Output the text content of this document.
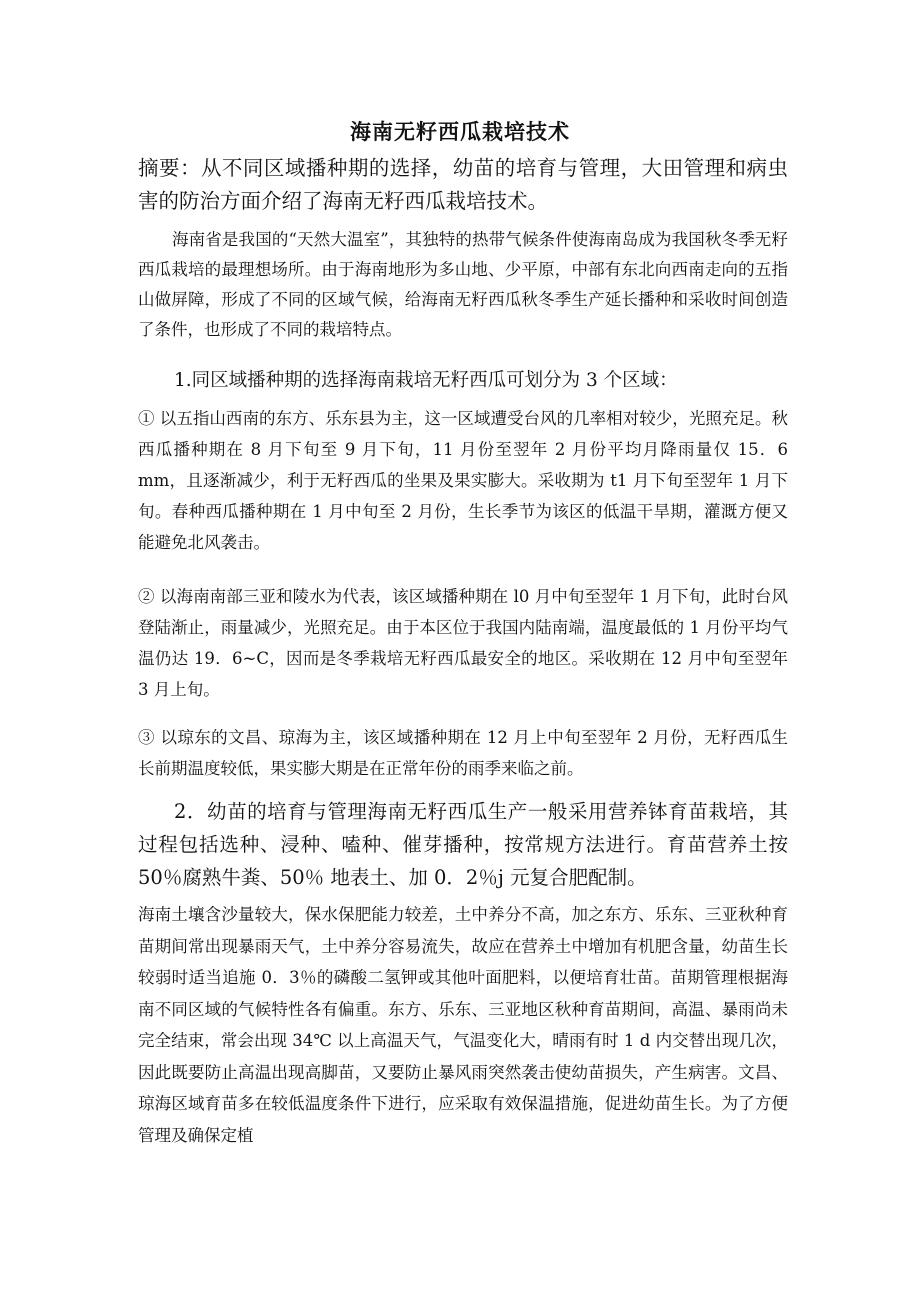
海南无籽西瓜栽培技术
摘要：从不同区域播种期的选择，幼苗的培育与管理，大田管理和病虫害的防治方面介绍了海南无籽西瓜栽培技术。
海南省是我国的“天然大温室”，其独特的热带气候条件使海南岛成为我国秋冬季无籽西瓜栽培的最理想场所。由于海南地形为多山地、少平原，中部有东北向西南走向的五指山做屏障，形成了不同的区域气候，给海南无籽西瓜秋冬季生产延长播种和采收时间创造了条件，也形成了不同的栽培特点。
1.同区域播种期的选择海南栽培无籽西瓜可划分为 3 个区域：
① 以五指山西南的东方、乐东县为主，这一区域遭受台风的几率相对较少，光照充足。秋西瓜播种期在 8 月下旬至 9 月下旬，11 月份至翌年 2 月份平均月降雨量仅 15．6 mm，且逐渐减少，利于无籽西瓜的坐果及果实膨大。采收期为 t1 月下旬至翌年 1 月下旬。春种西瓜播种期在 1 月中旬至 2 月份，生长季节为该区的低温干旱期，灌溉方便又能避免北风袭击。
② 以海南南部三亚和陵水为代表，该区域播种期在 l0 月中旬至翌年 1 月下旬，此时台风登陆渐止，雨量减少，光照充足。由于本区位于我国内陆南端，温度最低的 1 月份平均气温仍达 19．6~C，因而是冬季栽培无籽西瓜最安全的地区。采收期在 12 月中旬至翌年 3 月上旬。
③ 以琼东的文昌、琼海为主，该区域播种期在 12 月上中旬至翌年 2 月份，无籽西瓜生长前期温度较低，果实膨大期是在正常年份的雨季来临之前。
2．幼苗的培育与管理海南无籽西瓜生产一般采用营养钵育苗栽培，其过程包括选种、浸种、嗑种、催芽播种，按常规方法进行。育苗营养土按 50％腐熟牛粪、50％ 地表土、加 0．2％j 元复合肥配制。
海南土壤含沙量较大，保水保肥能力较差，土中养分不高，加之东方、乐东、三亚秋种育苗期间常出现暴雨天气，土中养分容易流失，故应在营养土中增加有机肥含量，幼苗生长较弱时适当追施 0．3％的磷酸二氢钾或其他叶面肥料，以便培育壮苗。苗期管理根据海南不同区域的气候特性各有偏重。东方、乐东、三亚地区秋种育苗期间，高温、暴雨尚未完全结束，常会出现 34℃ 以上高温天气，气温变化大，晴雨有时 1 d 内交替出现几次，因此既要防止高温出现高脚苗，又要防止暴风雨突然袭击使幼苗损失，产生病害。文昌、琼海区域育苗多在较低温度条件下进行，应采取有效保温措施，促进幼苗生长。为了方便管理及确保定植
